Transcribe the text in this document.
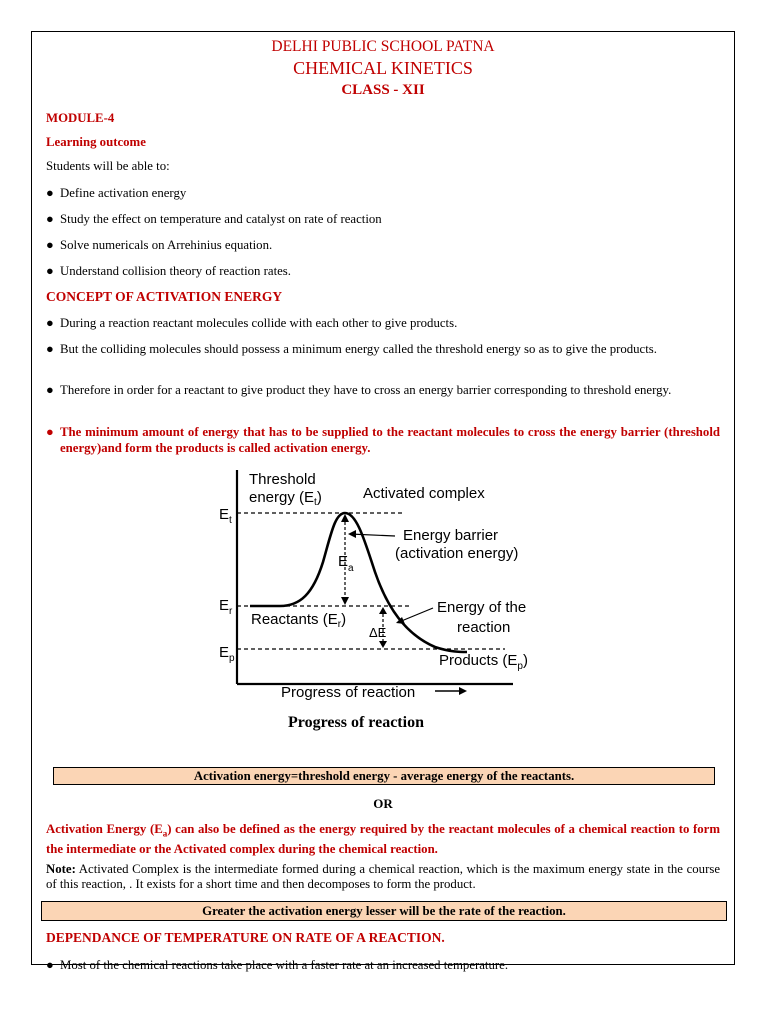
DELHI PUBLIC SCHOOL PATNA
CHEMICAL KINETICS
CLASS - XII
MODULE-4
Learning outcome
Students will be able to:
● Define activation energy
● Study the effect on temperature and catalyst on rate of reaction
● Solve numericals on Arrehinius equation.
● Understand collision theory of reaction rates.
CONCEPT OF ACTIVATION ENERGY
● During a reaction reactant molecules collide with each other to give products.
● But the colliding molecules should possess a minimum energy called the threshold energy so as to give the products.
● Therefore in order for a reactant to give product they have to cross an energy barrier corresponding to threshold energy.
● The minimum amount of energy that has to be supplied to the reactant molecules to cross the energy barrier (threshold energy)and form the products is called activation energy.
Threshold
energy $(E_t)$	Activated complex
$E_t$
Energy barrier
(activation energy)
$E_a$
$E_r$ Reactants $(E_r)$
ΔE
Energy of the
reaction
$E_p$	Products $(E_p)$
Progress of reaction
Progress of reaction
Activation energy=threshold energy - average energy of the reactants.
OR
Activation Energy $(E_a)$ can also be defined as the energy required by the reactant molecules of a chemical reaction to form the intermediate or the Activated complex during the chemical reaction.
Note: Activated Complex is the intermediate formed during a chemical reaction, which is the maximum energy state in the course of this reaction, . It exists for a short time and then decomposes to form the product.
Greater the activation energy lesser will be the rate of the reaction.
DEPENDANCE OF TEMPERATURE ON RATE OF A REACTION.
● Most of the chemical reactions take place with a faster rate at an increased temperature.
